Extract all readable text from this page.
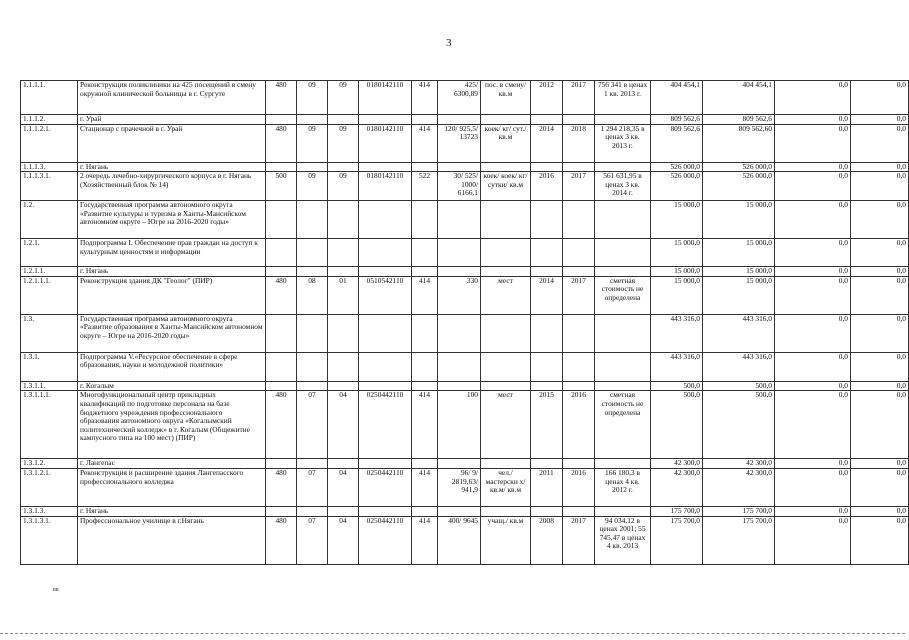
3
1.1.1.1.	Реконструкция поликлиники на 425 посещений в смену окружной клинической больницы в г. Сургуте	480	09	09	0180142110	414	425/ 6300,89	пос. в смену/ кв.м	2012	2017	756 341 в ценах 1 кв. 2013 г.	404 454,1	404 454,1	0,0	0,0
1.1.1.2.	г. Урай											809 562,6	809 562,6	0,0	0,0
1.1.1.2.1.	Стационар с прачечной в г. Урай	480	09	09	0180142110	414	120/ 925,5/ 13723	коек/ кг/ сут./ кв.м	2014	2018	1 294 218,35 в ценах 3 кв. 2013 г.	809 562,6	809 562,60	0,0	0,0
1.1.1.3.	г. Нягань											526 000,0	526 000,0	0,0	0,0
1.1.1.3.1.	2 очередь лечебно-хирургического корпуса в г. Нягань (Хозяйственный блок № 14)	500	09	09	0180142110	522	30/ 525/ 1000/ 6166,1	коек/ коек/ кг/ сутки/ кв.м	2016	2017	561 631,95 в ценах 3 кв. 2014 г.	526 000,0	526 000,0	0,0	0,0
1.2.	Государственная программа автономного округа «Развитие культуры и туризма в Ханты-Мансийском автономном округе – Югре на 2016-2020 годы»											15 000,0	15 000,0	0,0	0,0
1.2.1.	Подпрограмма I. Обеспечение прав граждан на доступ к культурным ценностям и информации											15 000,0	15 000,0	0,0	0,0
1.2.1.1.	г. Нягань											15 000,0	15 000,0	0,0	0,0
1.2.1.1.1.	Реконструкция здания ДК "Геолог" (ПИР)	480	08	01	0510542110	414	330	мест	2014	2017	сметная стоимость не определена	15 000,0	15 000,0	0,0	0,0
1.3.	Государственная программа автономного округа «Развитие образования в Ханты-Мансийском автономном округе – Югре на 2016-2020 годы»											443 316,0	443 316,0	0,0	0,0
1.3.1.	Подпрограмма V.«Ресурсное обеспечение в сфере образования, науки и молодежной политики»											443 316,0	443 316,0	0,0	0,0
1.3.1.1.	г. Когалым											500,0	500,0	0,0	0,0
1.3.1.1.1.	Многофункциональный центр прикладных квалификаций по подготовке персонала на базе бюджетного учреждения профессионального образования автономного округа «Когалымский политехнический колледж» в г. Когалым (Общежитие кампусного типа на 100 мест) (ПИР)	480	07	04	0250442110	414	100	мест	2015	2016	сметная стоимость не определена	500,0	500,0	0,0	0,0
1.3.1.2.	г. Лангепас											42 300,0	42 300,0	0,0	0,0
1.3.1.2.1.	Реконструкция и расширение здания Лангепасского профессионального колледжа	480	07	04	0250442110	414	96/ 9/ 2819,63/ 941,9	чел./ мастерски х/ кв.м/ кв.м	2011	2016	166 180,3 в ценах 4 кв. 2012 г.	42 300,0	42 300,0	0,0	0,0
1.3.1.3.	г. Нягань											175 700,0	175 700,0	0,0	0,0
1.3.1.3.1.	Профессиональное училище в г.Нягань	480	07	04	0250442110	414	400/ 9645	учащ./ кв.м	2008	2017	94 034,12 в ценах 2001; 55 745,47 в ценах 4 кв. 2013	175 700,0	175 700,0	0,0	0,0
вв
